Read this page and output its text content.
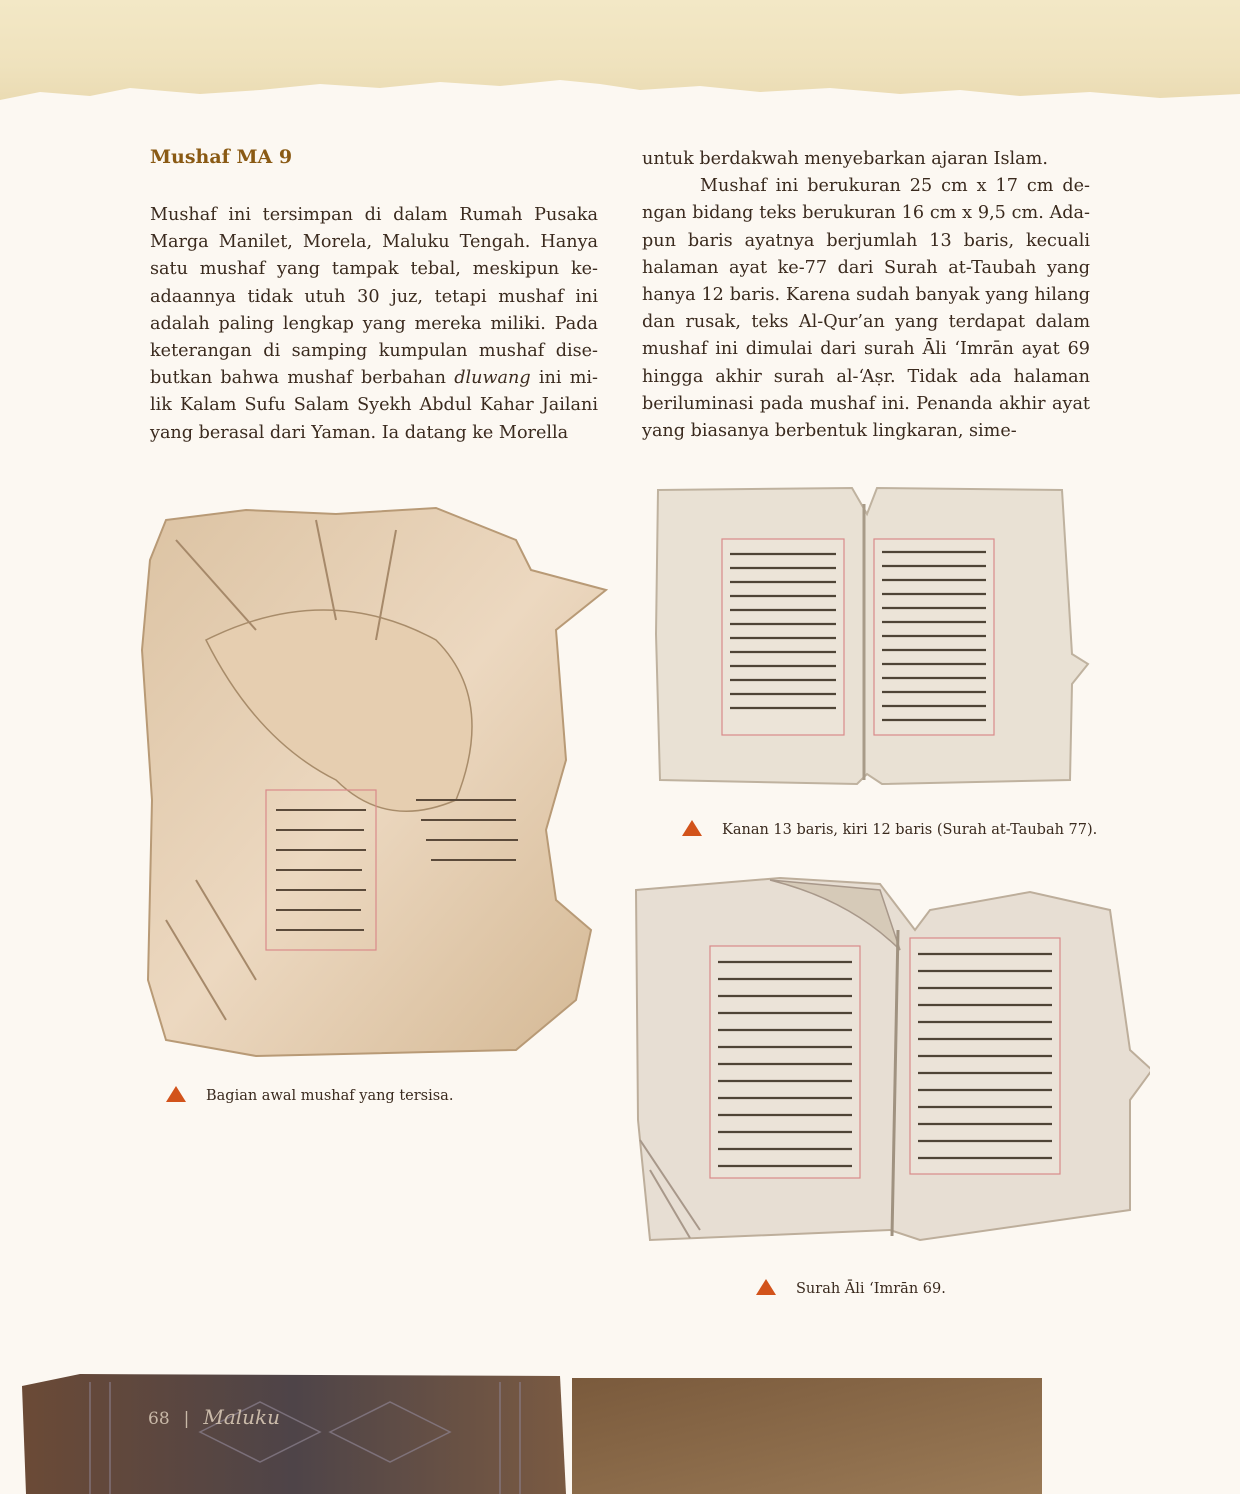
Mushaf MA 9

Mushaf ini tersimpan di dalam Rumah Pusaka Marga Manilet, Morela, Maluku Tengah. Hanya satu mushaf yang tampak tebal, meskipun ke-adaannya tidak utuh 30 juz, tetapi mushaf ini adalah paling lengkap yang mereka miliki. Pada keterangan di samping kumpulan mushaf dise-butkan bahwa mushaf berbahan dluwang ini mi-lik Kalam Sufu Salam Syekh Abdul Kahar Jailani yang berasal dari Yaman. Ia datang ke Morella

untuk berdakwah menyebarkan ajaran Islam.

Mushaf ini berukuran 25 cm x 17 cm de-ngan bidang teks berukuran 16 cm x 9,5 cm. Ada-pun baris ayatnya berjumlah 13 baris, kecuali halaman ayat ke-77 dari Surah at-Taubah yang hanya 12 baris. Karena sudah banyak yang hilang dan rusak, teks Al-Qur’an yang terdapat dalam mushaf ini dimulai dari surah Āli ‘Imrān ayat 69 hingga akhir surah al-‘Aṣr. Tidak ada halaman beriluminasi pada mushaf ini. Penanda akhir ayat yang biasanya berbentuk lingkaran, sime-

Kanan 13 baris, kiri 12 baris (Surah at-Taubah 77).
Bagian awal mushaf yang tersisa.
Surah Āli ‘Imrān 69.
68 | Maluku
